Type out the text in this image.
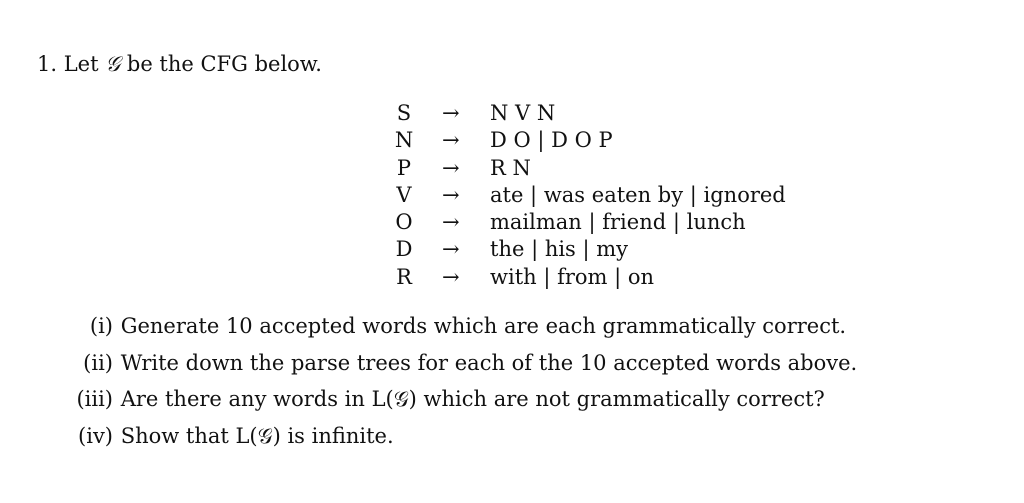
1. Let 𝒢 be the CFG below.
S → N V N
N → D O | D O P
P → R N
V → ate | was eaten by | ignored
O → mailman | friend | lunch
D → the | his | my
R → with | from | on
(i) Generate 10 accepted words which are each grammatically correct.
(ii) Write down the parse trees for each of the 10 accepted words above.
(iii) Are there any words in L(𝒢) which are not grammatically correct?
(iv) Show that L(𝒢) is infinite.
